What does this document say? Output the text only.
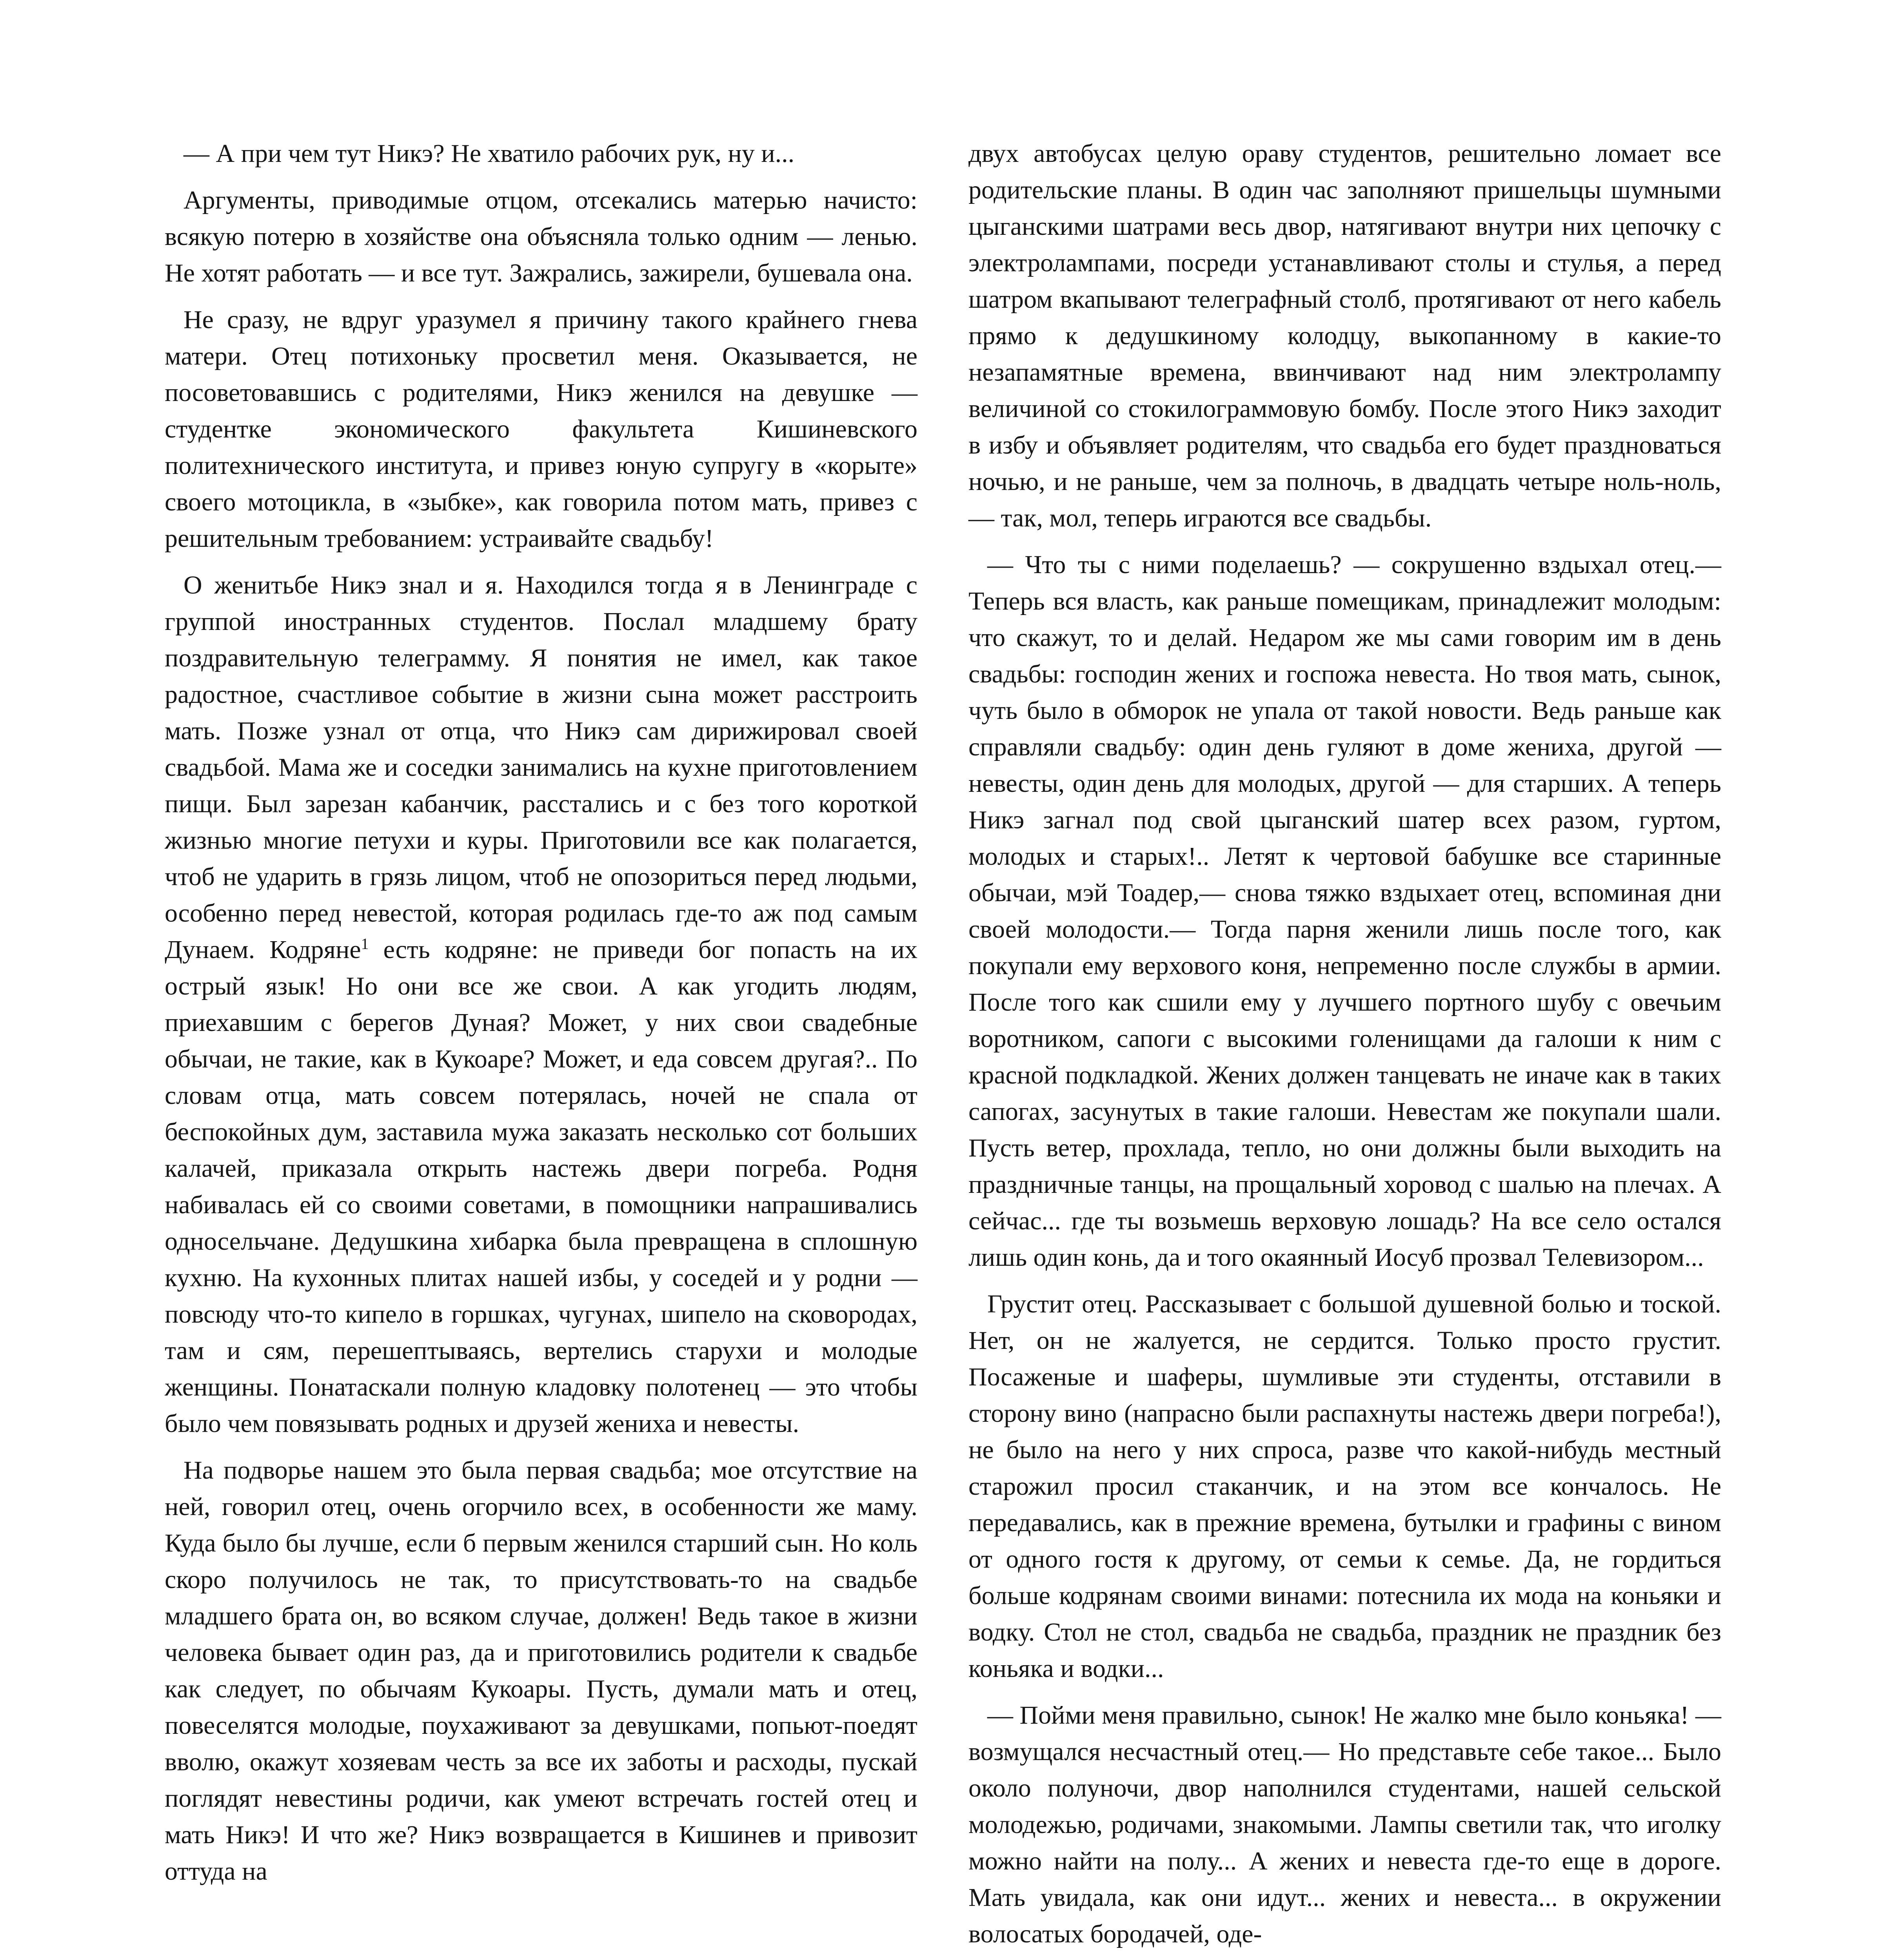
— А при чем тут Никэ? Не хватило рабочих рук, ну и...

Аргументы, приводимые отцом, отсекались матерью начисто: всякую потерю в хозяйстве она объясняла только одним — ленью. Не хотят работать — и все тут. Зажрались, зажирели, бушевала она.

Не сразу, не вдруг уразумел я причину такого крайнего гнева матери. Отец потихоньку просветил меня. Оказывается, не посоветовавшись с родителями, Никэ женился на девушке — студентке экономического факультета Кишиневского политехнического института, и привез юную супругу в «корыте» своего мотоцикла, в «зыбке», как говорила потом мать, привез с решительным требованием: устраивайте свадьбу!

О женитьбе Никэ знал и я. Находился тогда я в Ленинграде с группой иностранных студентов. Послал младшему брату поздравительную телеграмму. Я понятия не имел, как такое радостное, счастливое событие в жизни сына может расстроить мать. Позже узнал от отца, что Никэ сам дирижировал своей свадьбой. Мама же и соседки занимались на кухне приготовлением пищи. Был зарезан кабанчик, расстались и с без того короткой жизнью многие петухи и куры. Приготовили все как полагается, чтоб не ударить в грязь лицом, чтоб не опозориться перед людьми, особенно перед невестой, которая родилась где-то аж под самым Дунаем. Кодряне$^1$ есть кодряне: не приведи бог попасть на их острый язык! Но они все же свои. А как угодить людям, приехавшим с берегов Дуная? Может, у них свои свадебные обычаи, не такие, как в Кукоаре? Может, и еда совсем другая?.. По словам отца, мать совсем потерялась, ночей не спала от беспокойных дум, заставила мужа заказать несколько сот больших калачей, приказала открыть настежь двери погреба. Родня набивалась ей со своими советами, в помощники напрашивались односельчане. Дедушкина хибарка была превращена в сплошную кухню. На кухонных плитах нашей избы, у соседей и у родни — повсюду что-то кипело в горшках, чугунах, шипело на сковородах, там и сям, перешептываясь, вертелись старухи и молодые женщины. Понатаскали полную кладовку полотенец — это чтобы было чем повязывать родных и друзей жениха и невесты.

На подворье нашем это была первая свадьба; мое отсутствие на ней, говорил отец, очень огорчило всех, в особенности же маму. Куда было бы лучше, если б первым женился старший сын. Но коль скоро получилось не так, то присутствовать-то на свадьбе младшего брата он, во всяком случае, должен! Ведь такое в жизни человека бывает один раз, да и приготовились родители к свадьбе как следует, по обычаям Кукоары. Пусть, думали мать и отец, повеселятся молодые, поухаживают за девушками, попьют-поедят вволю, окажут хозяевам честь за все их заботы и расходы, пускай поглядят невестины родичи, как умеют встречать гостей отец и мать Никэ! И что же? Никэ возвращается в Кишинев и привозит оттуда на

двух автобусах целую ораву студентов, решительно ломает все родительские планы. В один час заполняют пришельцы шумными цыганскими шатрами весь двор, натягивают внутри них цепочку с электролампами, посреди устанавливают столы и стулья, а перед шатром вкапывают телеграфный столб, протягивают от него кабель прямо к дедушкиному колодцу, выкопанному в какие-то незапамятные времена, ввинчивают над ним электролампу величиной со стокилограммовую бомбу. После этого Никэ заходит в избу и объявляет родителям, что свадьба его будет праздноваться ночью, и не раньше, чем за полночь, в двадцать четыре ноль-ноль,— так, мол, теперь играются все свадьбы.

— Что ты с ними поделаешь? — сокрушенно вздыхал отец.— Теперь вся власть, как раньше помещикам, принадлежит молодым: что скажут, то и делай. Недаром же мы сами говорим им в день свадьбы: господин жених и госпожа невеста. Но твоя мать, сынок, чуть было в обморок не упала от такой новости. Ведь раньше как справляли свадьбу: один день гуляют в доме жениха, другой — невесты, один день для молодых, другой — для старших. А теперь Никэ загнал под свой цыганский шатер всех разом, гуртом, молодых и старых!.. Летят к чертовой бабушке все старинные обычаи, мэй Тоадер,— снова тяжко вздыхает отец, вспоминая дни своей молодости.— Тогда парня женили лишь после того, как покупали ему верхового коня, непременно после службы в армии. После того как сшили ему у лучшего портного шубу с овечьим воротником, сапоги с высокими голенищами да галоши к ним с красной подкладкой. Жених должен танцевать не иначе как в таких сапогах, засунутых в такие галоши. Невестам же покупали шали. Пусть ветер, прохлада, тепло, но они должны были выходить на праздничные танцы, на прощальный хоровод с шалью на плечах. А сейчас... где ты возьмешь верховую лошадь? На все село остался лишь один конь, да и того окаянный Иосуб прозвал Телевизором...

Грустит отец. Рассказывает с большой душевной болью и тоской. Нет, он не жалуется, не сердится. Только просто грустит. Посаженые и шаферы, шумливые эти студенты, отставили в сторону вино (напрасно были распахнуты настежь двери погреба!), не было на него у них спроса, разве что какой-нибудь местный старожил просил стаканчик, и на этом все кончалось. Не передавались, как в прежние времена, бутылки и графины с вином от одного гостя к другому, от семьи к семье. Да, не гордиться больше кодрянам своими винами: потеснила их мода на коньяки и водку. Стол не стол, свадьба не свадьба, праздник не праздник без коньяка и водки...

— Пойми меня правильно, сынок! Не жалко мне было коньяка! — возмущался несчастный отец.— Но представьте себе такое... Было около полуночи, двор наполнился студентами, нашей сельской молодежью, родичами, знакомыми. Лампы светили так, что иголку можно найти на полу... А жених и невеста где-то еще в дороге. Мать увидала, как они идут... жених и невеста... в окружении волосатых бородачей, оде-
